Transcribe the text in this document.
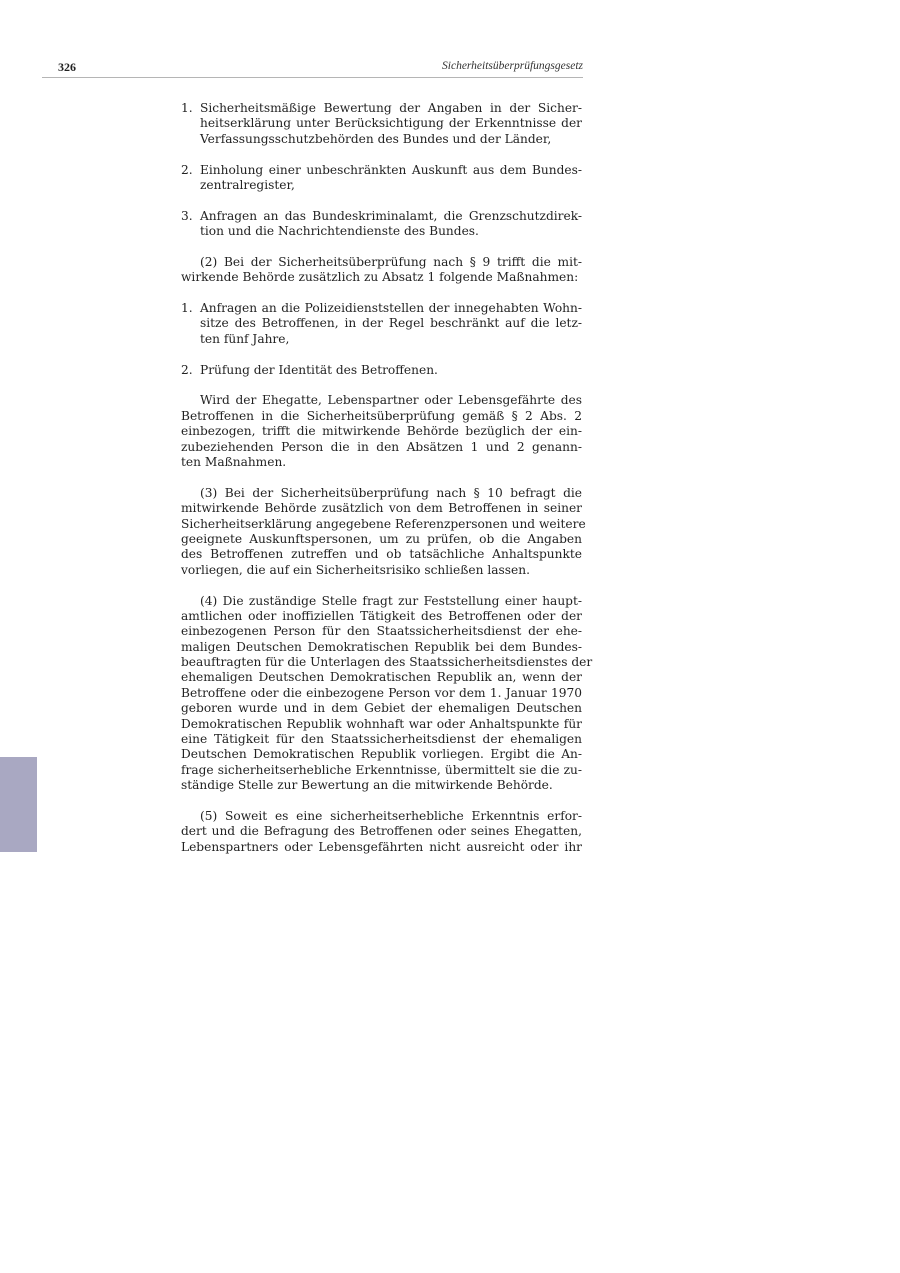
326	Sicherheitsüberprüfungsgesetz
1. Sicherheitsmäßige Bewertung der Angaben in der Sicher-
heitserklärung unter Berücksichtigung der Erkenntnisse der
Verfassungsschutzbehörden des Bundes und der Länder,
2. Einholung einer unbeschränkten Auskunft aus dem Bundes-
zentralregister,
3. Anfragen an das Bundeskriminalamt, die Grenzschutzdirek-
tion und die Nachrichtendienste des Bundes.
(2) Bei der Sicherheitsüberprüfung nach § 9 trifft die mit-
wirkende Behörde zusätzlich zu Absatz 1 folgende Maßnahmen:
1. Anfragen an die Polizeidienststellen der innegehabten Wohn-
sitze des Betroffenen, in der Regel beschränkt auf die letz-
ten fünf Jahre,
2. Prüfung der Identität des Betroffenen.
Wird der Ehegatte, Lebenspartner oder Lebensgefährte des
Betroffenen in die Sicherheitsüberprüfung gemäß § 2 Abs. 2
einbezogen, trifft die mitwirkende Behörde bezüglich der ein-
zubeziehenden Person die in den Absätzen 1 und 2 genann-
ten Maßnahmen.
(3) Bei der Sicherheitsüberprüfung nach § 10 befragt die
mitwirkende Behörde zusätzlich von dem Betroffenen in seiner
Sicherheitserklärung angegebene Referenzpersonen und weitere
geeignete Auskunftspersonen, um zu prüfen, ob die Angaben
des Betroffenen zutreffen und ob tatsächliche Anhaltspunkte
vorliegen, die auf ein Sicherheitsrisiko schließen lassen.
(4) Die zuständige Stelle fragt zur Feststellung einer haupt-
amtlichen oder inoffiziellen Tätigkeit des Betroffenen oder der
einbezogenen Person für den Staatssicherheitsdienst der ehe-
maligen Deutschen Demokratischen Republik bei dem Bundes-
beauftragten für die Unterlagen des Staatssicherheitsdienstes der
ehemaligen Deutschen Demokratischen Republik an, wenn der
Betroffene oder die einbezogene Person vor dem 1. Januar 1970
geboren wurde und in dem Gebiet der ehemaligen Deutschen
Demokratischen Republik wohnhaft war oder Anhaltspunkte für
eine Tätigkeit für den Staatssicherheitsdienst der ehemaligen
Deutschen Demokratischen Republik vorliegen. Ergibt die An-
frage sicherheitserhebliche Erkenntnisse, übermittelt sie die zu-
ständige Stelle zur Bewertung an die mitwirkende Behörde.
(5) Soweit es eine sicherheitserhebliche Erkenntnis erfor-
dert und die Befragung des Betroffenen oder seines Ehegatten,
Lebenspartners oder Lebensgefährten nicht ausreicht oder ihr
